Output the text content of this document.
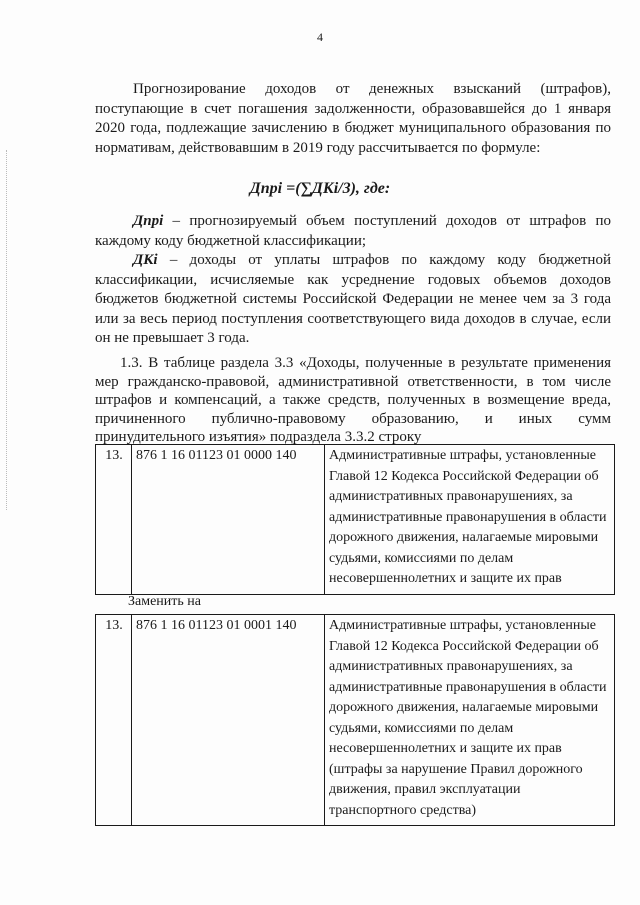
4

Прогнозирование доходов от денежных взысканий (штрафов), поступающие в счет погашения задолженности, образовавшейся до 1 января 2020 года, подлежащие зачислению в бюджет муниципального образования по нормативам, действовавшим в 2019 году рассчитывается по формуле:

Дпрi =(∑ДКi/3), где:

Дпрi – прогнозируемый объем поступлений доходов от штрафов по каждому коду бюджетной классификации;

ДКi – доходы от уплаты штрафов по каждому коду бюджетной классификации, исчисляемые как усреднение годовых объемов доходов бюджетов бюджетной системы Российской Федерации не менее чем за 3 года или за весь период поступления соответствующего вида доходов в случае, если он не превышает 3 года.

1.3. В таблице раздела 3.3 «Доходы, полученные в результате применения мер гражданско-правовой, административной ответственности, в том числе штрафов и компенсаций, а также средств, полученных в возмещение вреда, причиненного публично-правовому образованию, и иных сумм принудительного изъятия» подраздела 3.3.2 строку

13.	876 1 16 01123 01 0000 140	Административные штрафы, установленные Главой 12 Кодекса Российской Федерации об административных правонарушениях, за административные правонарушения в области дорожного движения, налагаемые мировыми судьями, комиссиями по делам несовершеннолетних и защите их прав

Заменить на

13.	876 1 16 01123 01 0001 140	Административные штрафы, установленные Главой 12 Кодекса Российской Федерации об административных правонарушениях, за административные правонарушения в области дорожного движения, налагаемые мировыми судьями, комиссиями по делам несовершеннолетних и защите их прав (штрафы за нарушение Правил дорожного движения, правил эксплуатации транспортного средства)
